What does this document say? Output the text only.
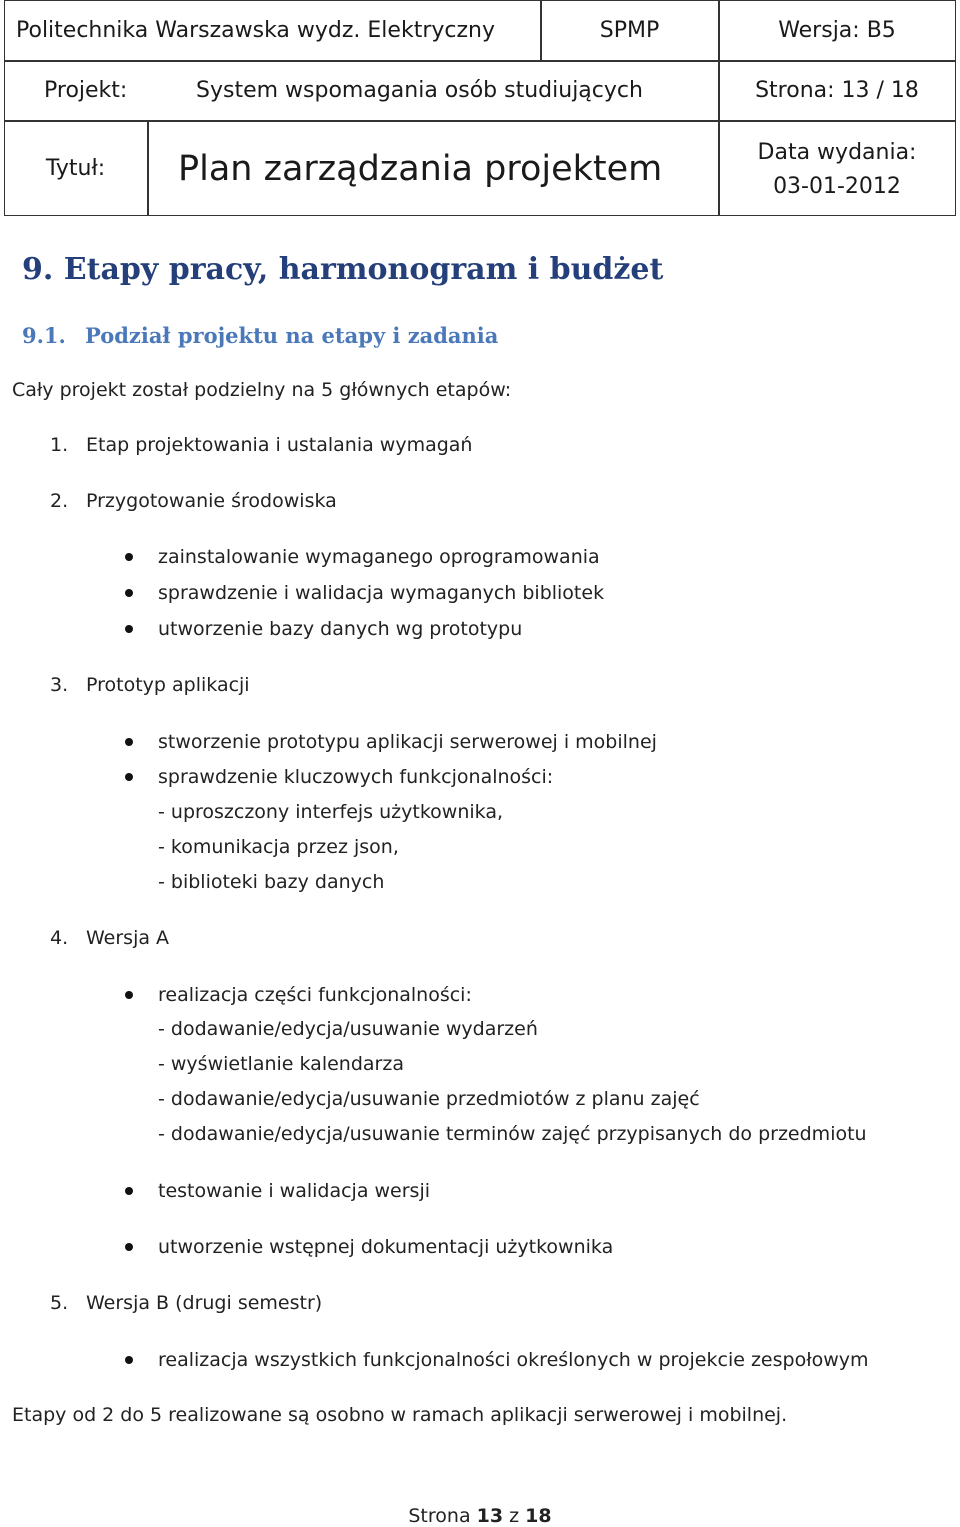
Politechnika Warszawska wydz. Elektryczny	SPMP	Wersja: B5
Projekt:	System wspomagania osób studiujących	Strona: 13 / 18
Tytuł:	Plan zarządzania projektem	Data wydania:
03-01-2012
9. Etapy pracy, harmonogram i budżet
9.1. Podział projektu na etapy i zadania
Cały projekt został podzielny na 5 głównych etapów:
1. Etap projektowania i ustalania wymagań
2. Przygotowanie środowiska
zainstalowanie wymaganego oprogramowania
sprawdzenie i walidacja wymaganych bibliotek
utworzenie bazy danych wg prototypu
3. Prototyp aplikacji
stworzenie prototypu aplikacji serwerowej i mobilnej
sprawdzenie kluczowych funkcjonalności:
- uproszczony interfejs użytkownika,
- komunikacja przez json,
- biblioteki bazy danych
4. Wersja A
realizacja części funkcjonalności:
- dodawanie/edycja/usuwanie wydarzeń
- wyświetlanie kalendarza
- dodawanie/edycja/usuwanie przedmiotów z planu zajęć
- dodawanie/edycja/usuwanie terminów zajęć przypisanych do przedmiotu
testowanie i walidacja wersji
utworzenie wstępnej dokumentacji użytkownika
5. Wersja B (drugi semestr)
realizacja wszystkich funkcjonalności określonych w projekcie zespołowym
Etapy od 2 do 5 realizowane są osobno w ramach aplikacji serwerowej i mobilnej.
Strona 13 z 18
